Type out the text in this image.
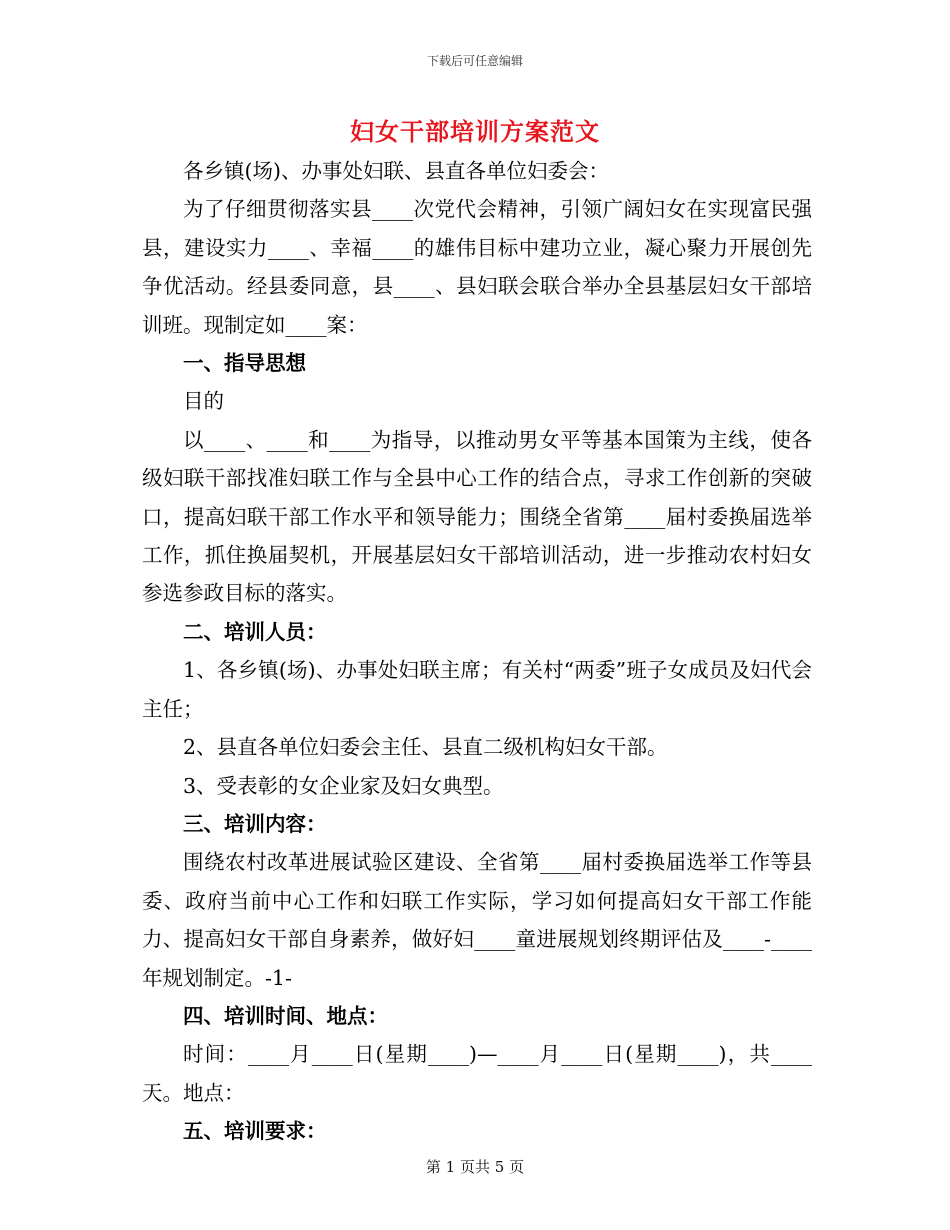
下载后可任意编辑
妇女干部培训方案范文

各乡镇(场)、办事处妇联、县直各单位妇委会：

为了仔细贯彻落实县____次党代会精神，引领广阔妇女在实现富民强县，建设实力____、幸福____的雄伟目标中建功立业，凝心聚力开展创先争优活动。经县委同意，县____、县妇联会联合举办全县基层妇女干部培训班。现制定如____案：

一、指导思想

目的

以____、____和____为指导，以推动男女平等基本国策为主线，使各级妇联干部找准妇联工作与全县中心工作的结合点，寻求工作创新的突破口，提高妇联干部工作水平和领导能力；围绕全省第____届村委换届选举工作，抓住换届契机，开展基层妇女干部培训活动，进一步推动农村妇女参选参政目标的落实。

二、培训人员：

1、各乡镇(场)、办事处妇联主席；有关村“两委”班子女成员及妇代会主任；

2、县直各单位妇委会主任、县直二级机构妇女干部。

3、受表彰的女企业家及妇女典型。

三、培训内容：

围绕农村改革进展试验区建设、全省第____届村委换届选举工作等县委、政府当前中心工作和妇联工作实际，学习如何提高妇女干部工作能力、提高妇女干部自身素养，做好妇____童进展规划终期评估及____-____年规划制定。-1-

四、培训时间、地点：

时间：____月____日(星期____)—____月____日(星期____)，共____天。地点：

五、培训要求：

第 1 页共 5 页
